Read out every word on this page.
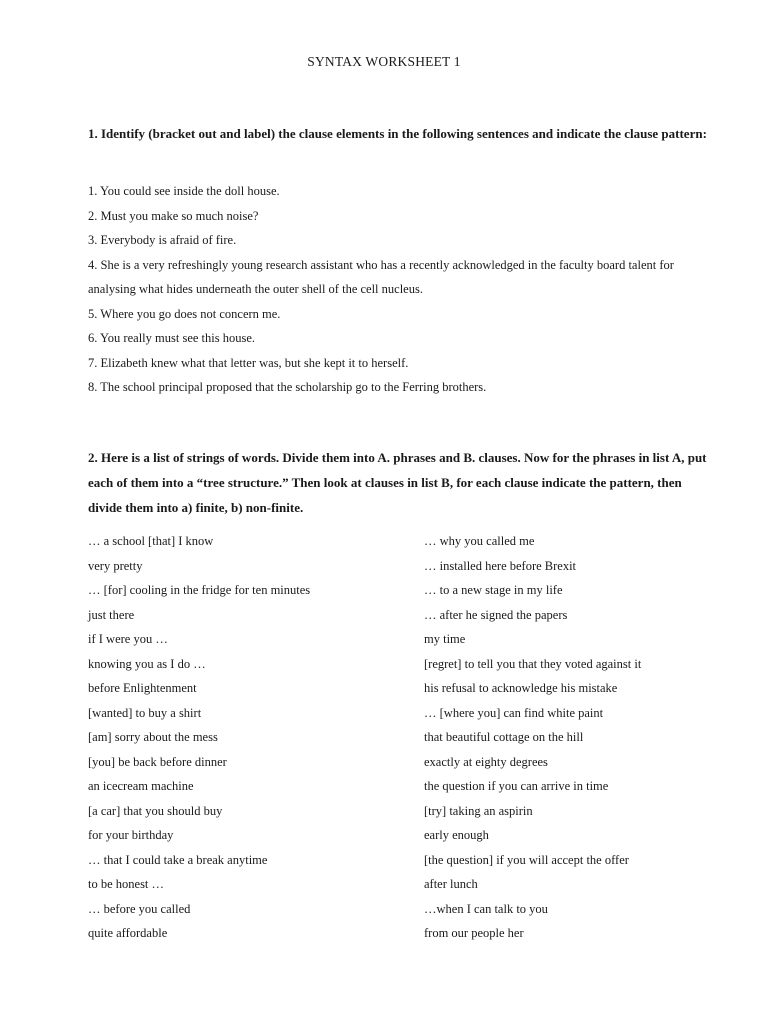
SYNTAX WORKSHEET 1

1. Identify (bracket out and label) the clause elements in the following sentences and indicate the clause pattern:

1. You could see inside the doll house.
2. Must you make so much noise?
3. Everybody is afraid of fire.
4. She is a very refreshingly young research assistant who has a recently acknowledged in the faculty board talent for analysing what hides underneath the outer shell of the cell nucleus.
5. Where you go does not concern me.
6. You really must see this house.
7. Elizabeth knew what that letter was, but she kept it to herself.
8. The school principal proposed that the scholarship go to the Ferring brothers.

2. Here is a list of strings of words. Divide them into A. phrases and B. clauses. Now for the phrases in list A, put each of them into a “tree structure.” Then look at clauses in list B, for each clause indicate the pattern, then divide them into a) finite, b) non-finite.

… a school [that] I know
very pretty
… [for] cooling in the fridge for ten minutes
just there
if I were you …
knowing you as I do …
before Enlightenment
[wanted] to buy a shirt
[am] sorry about the mess
[you] be back before dinner
an icecream machine
[a car] that you should buy
for your birthday
… that I could take a break anytime
to be honest …
… before you called
quite affordable
… why you called me
… installed here before Brexit
… to a new stage in my life
… after he signed the papers
my time
[regret] to tell you that they voted against it
his refusal to acknowledge his mistake
… [where you] can find white paint
that beautiful cottage on the hill
exactly at eighty degrees
the question if you can arrive in time
[try] taking an aspirin
early enough
[the question] if you will accept the offer
after lunch
…when I can talk to you
from our people her
